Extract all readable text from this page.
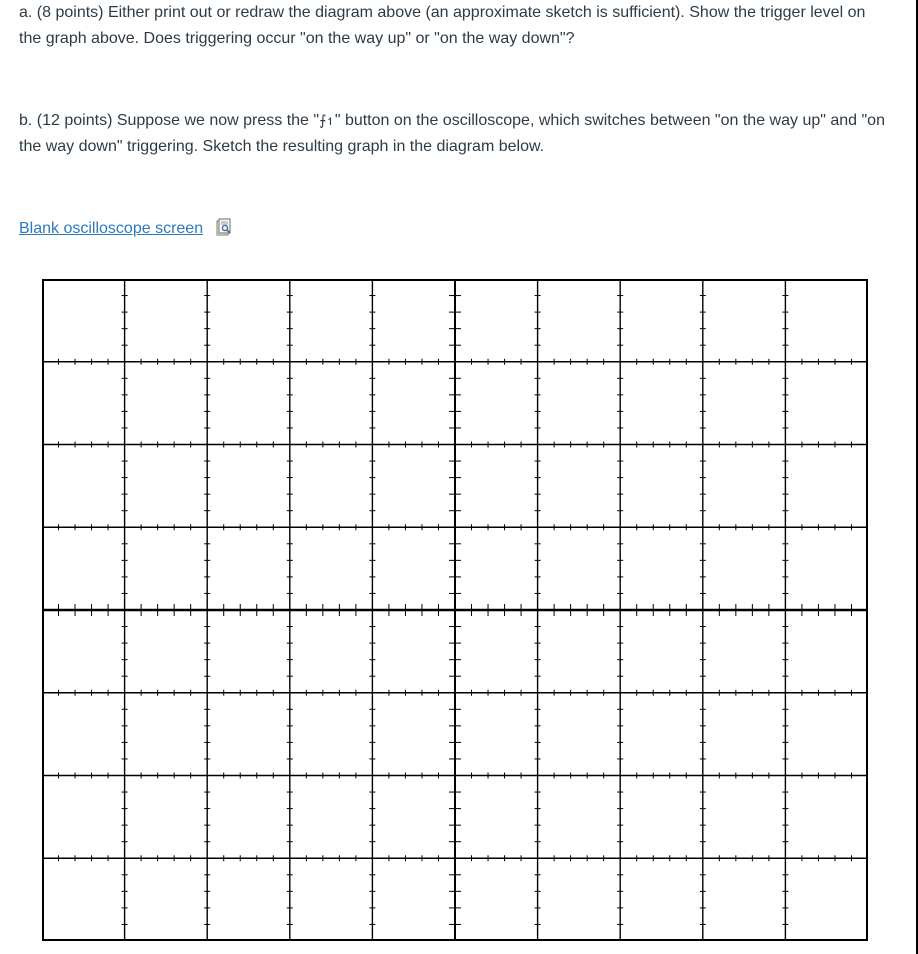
a. (8 points) Either print out or redraw the diagram above (an approximate sketch is sufficient). Show the trigger level on the graph above. Does triggering occur "on the way up" or "on the way down"?

b. (12 points) Suppose we now press the "⨍↿" button on the oscilloscope, which switches between "on the way up" and "on the way down" triggering. Sketch the resulting graph in the diagram below.

Blank oscilloscope screen
